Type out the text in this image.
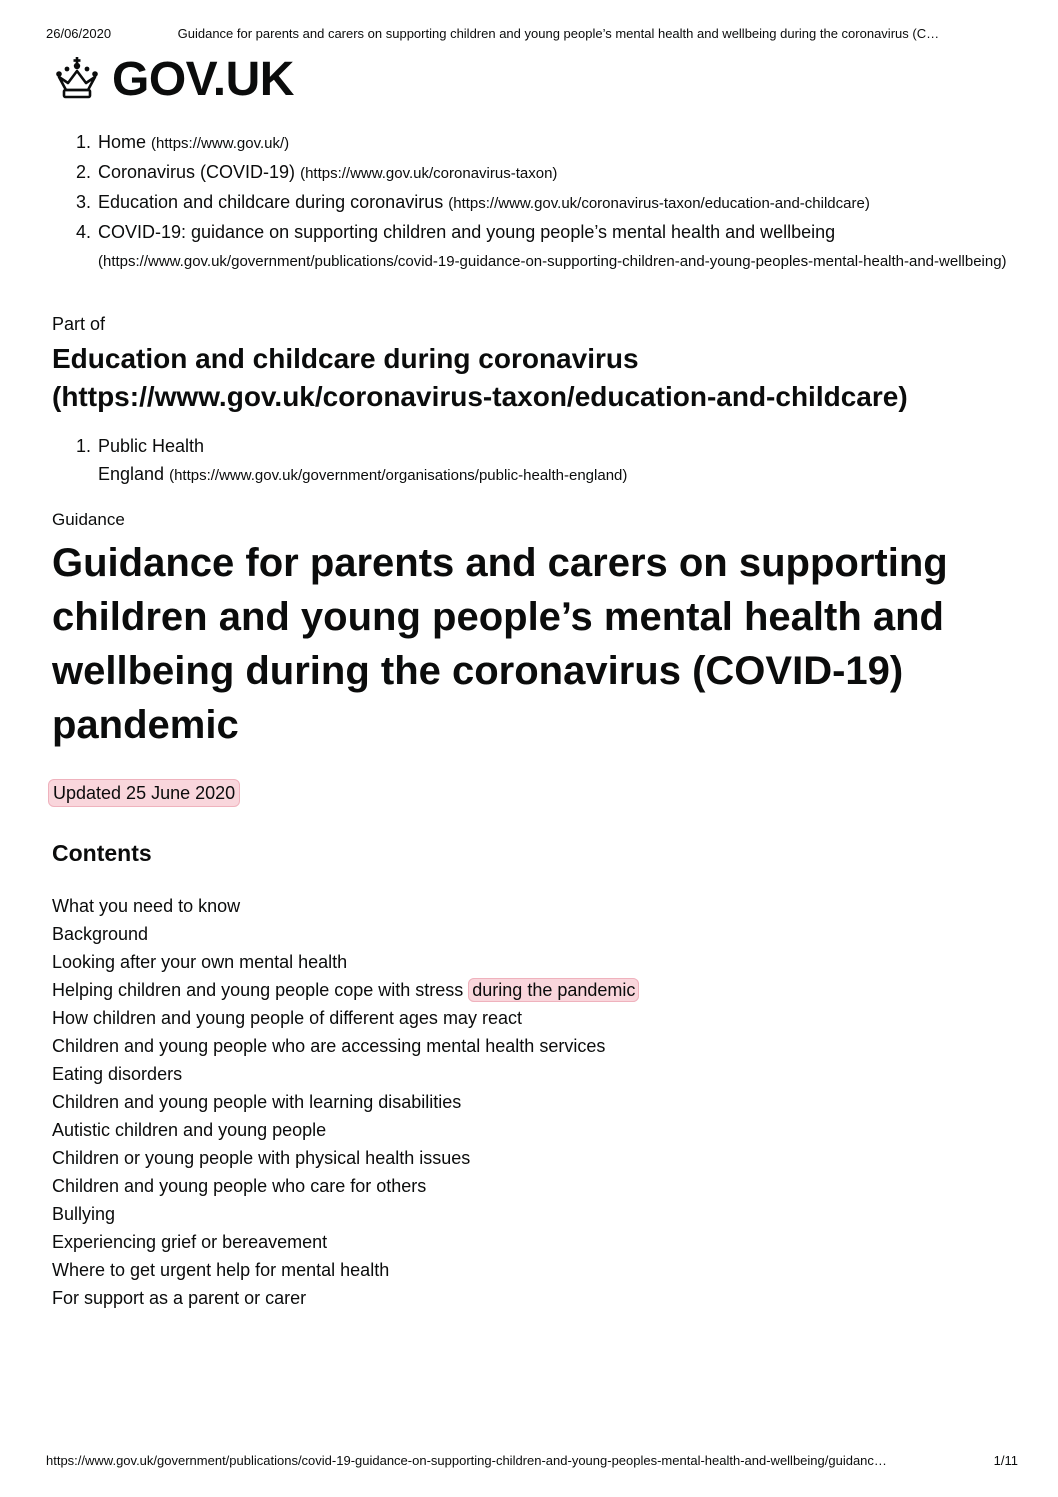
26/06/2020	Guidance for parents and carers on supporting children and young people’s mental health and wellbeing during the coronavirus (C…
GOV.UK
1. Home (https://www.gov.uk/)
2. Coronavirus (COVID-19) (https://www.gov.uk/coronavirus-taxon)
3. Education and childcare during coronavirus (https://www.gov.uk/coronavirus-taxon/education-and-childcare)
4. COVID-19: guidance on supporting children and young people’s mental health and wellbeing (https://www.gov.uk/government/publications/covid-19-guidance-on-supporting-children-and-young-peoples-mental-health-and-wellbeing)
Part of
Education and childcare during coronavirus (https://www.gov.uk/coronavirus-taxon/education-and-childcare)
1. Public Health
England (https://www.gov.uk/government/organisations/public-health-england)
Guidance
Guidance for parents and carers on supporting children and young people’s mental health and wellbeing during the coronavirus (COVID-19) pandemic
Updated 25 June 2020
Contents
What you need to know
Background
Looking after your own mental health
Helping children and young people cope with stress during the pandemic
How children and young people of different ages may react
Children and young people who are accessing mental health services
Eating disorders
Children and young people with learning disabilities
Autistic children and young people
Children or young people with physical health issues
Children and young people who care for others
Bullying
Experiencing grief or bereavement
Where to get urgent help for mental health
For support as a parent or carer
https://www.gov.uk/government/publications/covid-19-guidance-on-supporting-children-and-young-peoples-mental-health-and-wellbeing/guidanc…	1/11
